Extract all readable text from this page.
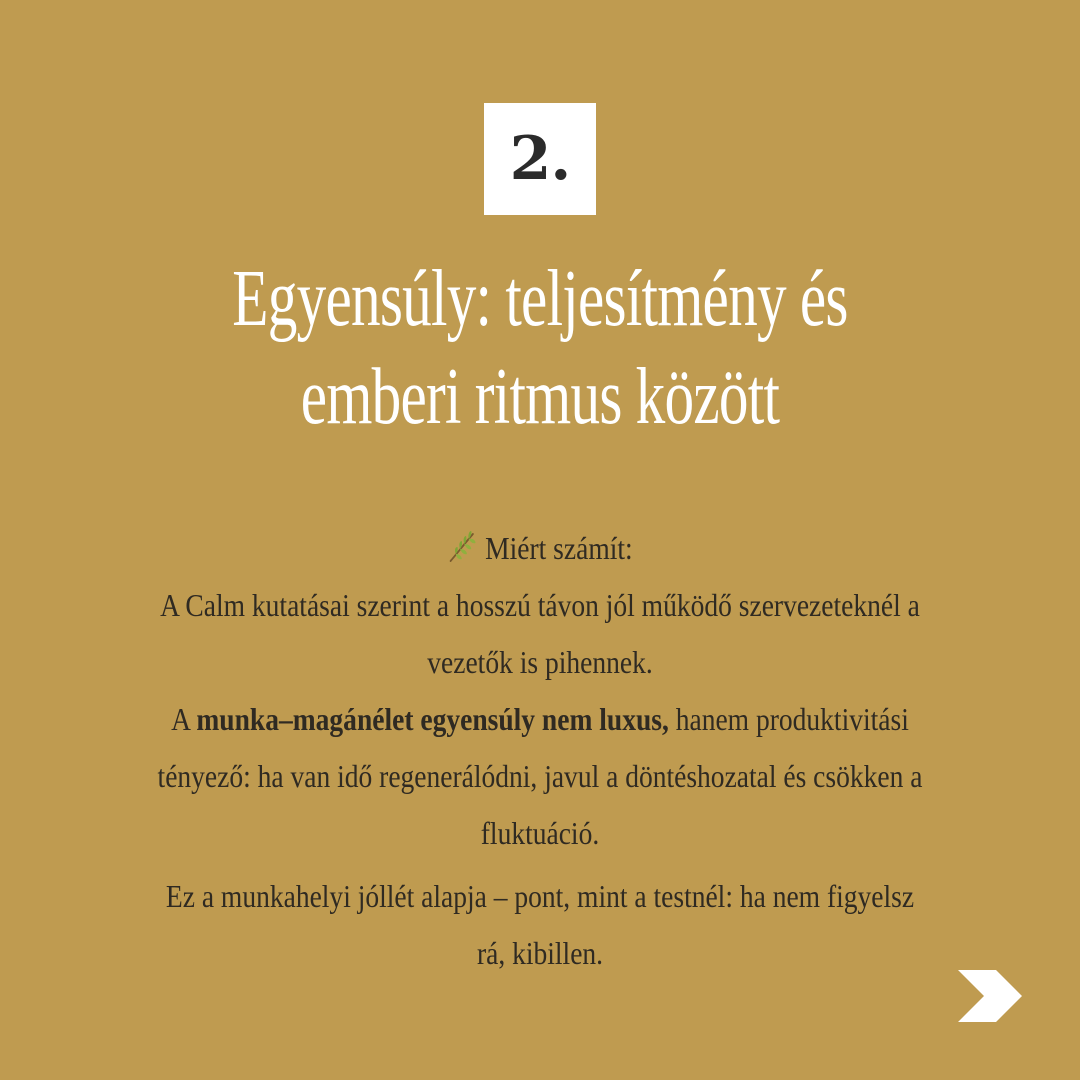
2.
Egyensúly: teljesítmény és
emberi ritmus között
Miért számít:
A Calm kutatásai szerint a hosszú távon jól működő szervezeteknél a
vezetők is pihennek.
A munka–magánélet egyensúly nem luxus, hanem produktivitási
tényező: ha van idő regenerálódni, javul a döntéshozatal és csökken a
fluktuáció.
Ez a munkahelyi jóllét alapja – pont, mint a testnél: ha nem figyelsz
rá, kibillen.
